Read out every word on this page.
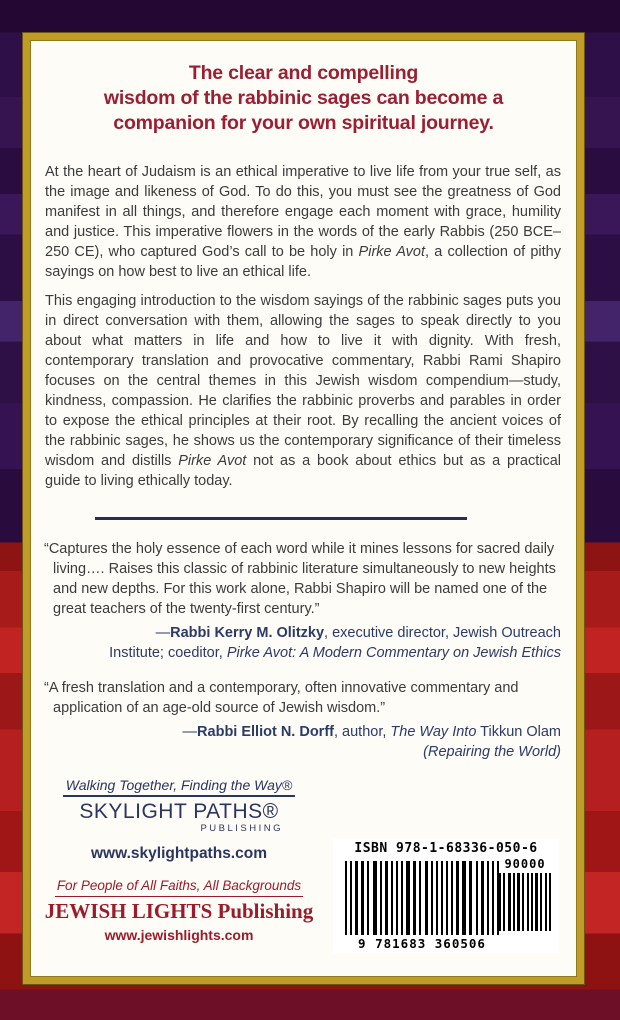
The clear and compelling
wisdom of the rabbinic sages can become a
companion for your own spiritual journey.
At the heart of Judaism is an ethical imperative to live life from your true self, as the image and likeness of God. To do this, you must see the greatness of God manifest in all things, and therefore engage each moment with grace, humility and justice. This imperative flowers in the words of the early Rabbis (250 BCE–250 CE), who captured God’s call to be holy in Pirke Avot, a collection of pithy sayings on how best to live an ethical life.
This engaging introduction to the wisdom sayings of the rabbinic sages puts you in direct conversation with them, allowing the sages to speak directly to you about what matters in life and how to live it with dignity. With fresh, contemporary translation and provocative commentary, Rabbi Rami Shapiro focuses on the central themes in this Jewish wisdom compendium—study, kindness, compassion. He clarifies the rabbinic proverbs and parables in order to expose the ethical principles at their root. By recalling the ancient voices of the rabbinic sages, he shows us the contemporary significance of their timeless wisdom and distills Pirke Avot not as a book about ethics but as a practical guide to living ethically today.
“Captures the holy essence of each word while it mines lessons for sacred daily living…. Raises this classic of rabbinic literature simultaneously to new heights and new depths. For this work alone, Rabbi Shapiro will be named one of the great teachers of the twenty-first century.”
—Rabbi Kerry M. Olitzky, executive director, Jewish Outreach
Institute; coeditor, Pirke Avot: A Modern Commentary on Jewish Ethics
“A fresh translation and a contemporary, often innovative commentary and application of an age-old source of Jewish wisdom.”
—Rabbi Elliot N. Dorff, author, The Way Into Tikkun Olam
(Repairing the World)
Walking Together, Finding the Way®
SKYLIGHT PATHS®
PUBLISHING
www.skylightpaths.com
For People of All Faiths, All Backgrounds
JEWISH LIGHTS Publishing
www.jewishlights.com
ISBN 978-1-68336-050-6
9 781683 360506
90000
